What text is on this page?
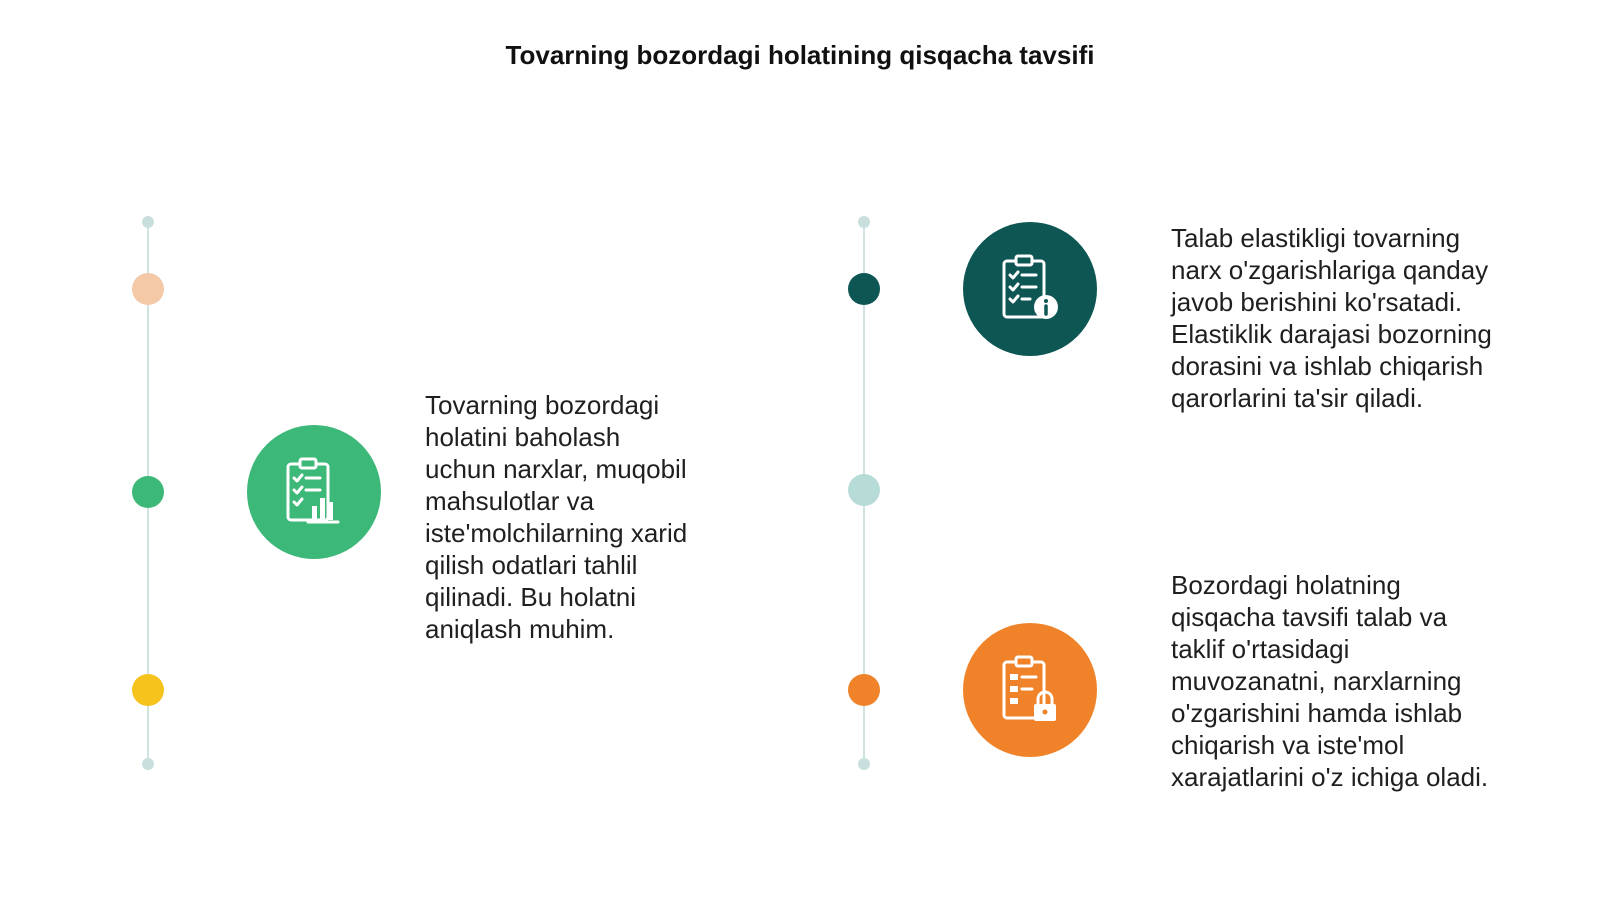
Tovarning bozordagi holatining qisqacha tavsifi
Tovarning bozordagi
holatini baholash
uchun narxlar, muqobil
mahsulotlar va
iste'molchilarning xarid
qilish odatlari tahlil
qilinadi. Bu holatni
aniqlash muhim.
Talab elastikligi tovarning
narx o'zgarishlariga qanday
javob berishini ko'rsatadi.
Elastiklik darajasi bozorning
dorasini va ishlab chiqarish
qarorlarini ta'sir qiladi.
Bozordagi holatning
qisqacha tavsifi talab va
taklif o'rtasidagi
muvozanatni, narxlarning
o'zgarishini hamda ishlab
chiqarish va iste'mol
xarajatlarini o'z ichiga oladi.
